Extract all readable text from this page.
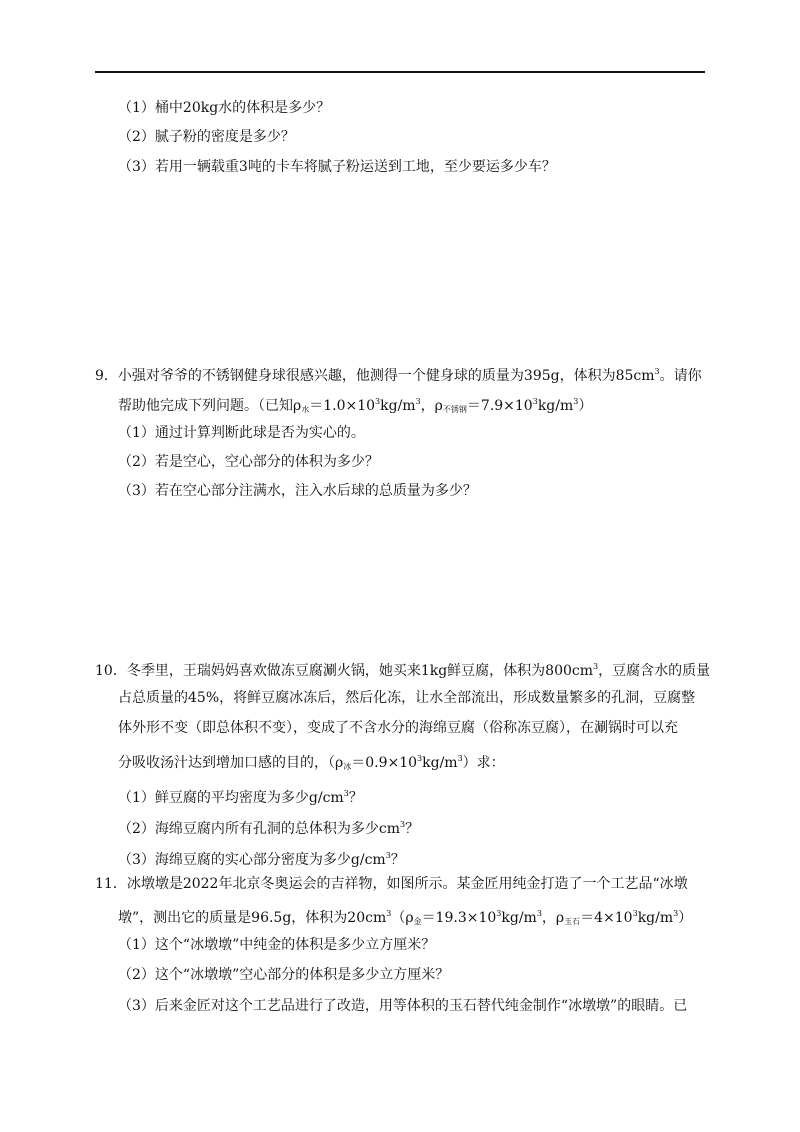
（1）桶中20kg水的体积是多少？
（2）腻子粉的密度是多少？
（3）若用一辆载重3吨的卡车将腻子粉运送到工地，至少要运多少车？
9．小强对爷爷的不锈钢健身球很感兴趣，他测得一个健身球的质量为395g，体积为$85cm^3$。请你
帮助他完成下列问题。（已知$\rho_水=1.0\times 10^3kg/m^3$，$\rho_{不锈钢}=7.9\times 10^3kg/m^3$）
（1）通过计算判断此球是否为实心的。
（2）若是空心，空心部分的体积为多少？
（3）若在空心部分注满水，注入水后球的总质量为多少？
10．冬季里，王瑞妈妈喜欢做冻豆腐涮火锅，她买来1kg鲜豆腐，体积为$800cm^3$，豆腐含水的质量
占总质量的45%，将鲜豆腐冰冻后，然后化冻，让水全部流出，形成数量繁多的孔洞，豆腐整
体外形不变（即总体积不变），变成了不含水分的海绵豆腐（俗称冻豆腐），在涮锅时可以充
分吸收汤汁达到增加口感的目的，$(\rho_冰=0.9\times 10^3kg/m^3)$求：
（1）鲜豆腐的平均密度为多少$g/cm^3$？
（2）海绵豆腐内所有孔洞的总体积为多少$cm^3$？
（3）海绵豆腐的实心部分密度为多少$g/cm^3$？
11．冰墩墩是2022年北京冬奥运会的吉祥物，如图所示。某金匠用纯金打造了一个工艺品“冰墩
墩”，测出它的质量是96.5g，体积为$20cm^3(\rho_金=19.3\times 10^3kg/m^3$，$\rho_{玉石}=4\times 10^3kg/m^3$）
（1）这个“冰墩墩”中纯金的体积是多少立方厘米？
（2）这个“冰墩墩”空心部分的体积是多少立方厘米？
（3）后来金匠对这个工艺品进行了改造，用等体积的玉石替代纯金制作“冰墩墩”的眼睛。已
